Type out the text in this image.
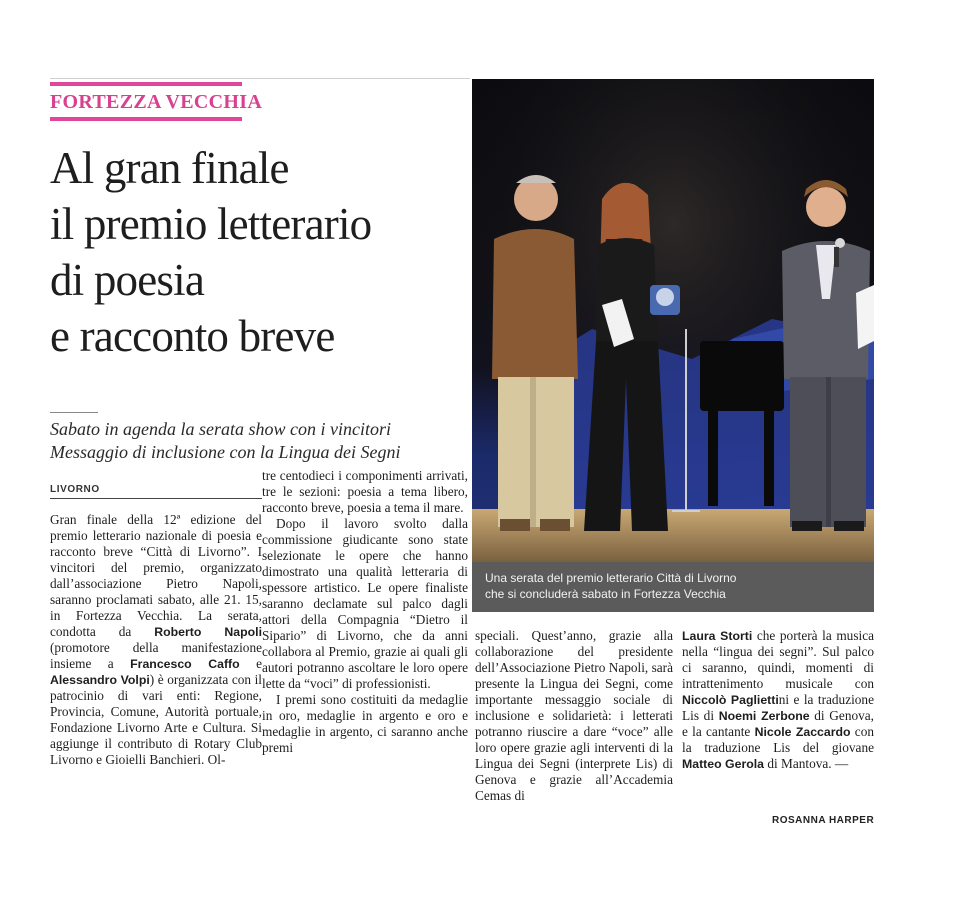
FORTEZZA VECCHIA
Al gran finale
il premio letterario
di poesia
e racconto breve
Sabato in agenda la serata show con i vincitori
Messaggio di inclusione con la Lingua dei Segni
LIVORNO

Gran finale della 12ª edizione del premio letterario nazionale di poesia e racconto breve “Città di Livorno”. I vincitori del premio, organizzato dall’associazione Pietro Napoli, saranno proclamati sabato, alle 21. 15, in Fortezza Vecchia. La serata, condotta da Roberto Napoli (promotore della manifestazione insieme a Francesco Caffo e Alessandro Volpi) è organizzata con il patrocinio di vari enti: Regione, Provincia, Comune, Autorità portuale, Fondazione Livorno Arte e Cultura. Si aggiunge il contributo di Rotary Club Livorno e Gioielli Banchieri. Ol-

tre centodieci i componimenti arrivati, tre le sezioni: poesia a tema libero, racconto breve, poesia a tema il mare.

Dopo il lavoro svolto dalla commissione giudicante sono state selezionate le opere che hanno dimostrato una qualità letteraria di spessore artistico. Le opere finaliste saranno declamate sul palco dagli attori della Compagnia “Dietro il Sipario” di Livorno, che da anni collabora al Premio, grazie ai quali gli autori potranno ascoltare le loro opere lette da “voci” di professionisti.

I premi sono costituiti da medaglie in oro, medaglie in argento e oro e medaglie in argento, ci saranno anche premi

speciali. Quest’anno, grazie alla collaborazione del presidente dell’Associazione Pietro Napoli, sarà presente la Lingua dei Segni, come importante messaggio sociale di inclusione e solidarietà: i letterati potranno riuscire a dare “voce” alle loro opere grazie agli interventi di la Lingua dei Segni (interprete Lis) di Genova e grazie all’Accademia Cemas di

Laura Storti che porterà la musica nella “lingua dei segni”. Sul palco ci saranno, quindi, momenti di intrattenimento musicale con Niccolò Pagliettini e la traduzione Lis di Noemi Zerbone di Genova, e la cantante Nicole Zaccardo con la traduzione Lis del giovane Matteo Gerola di Mantova. —

ROSANNA HARPER
Una serata del premio letterario Città di Livorno
che si concluderà sabato in Fortezza Vecchia
